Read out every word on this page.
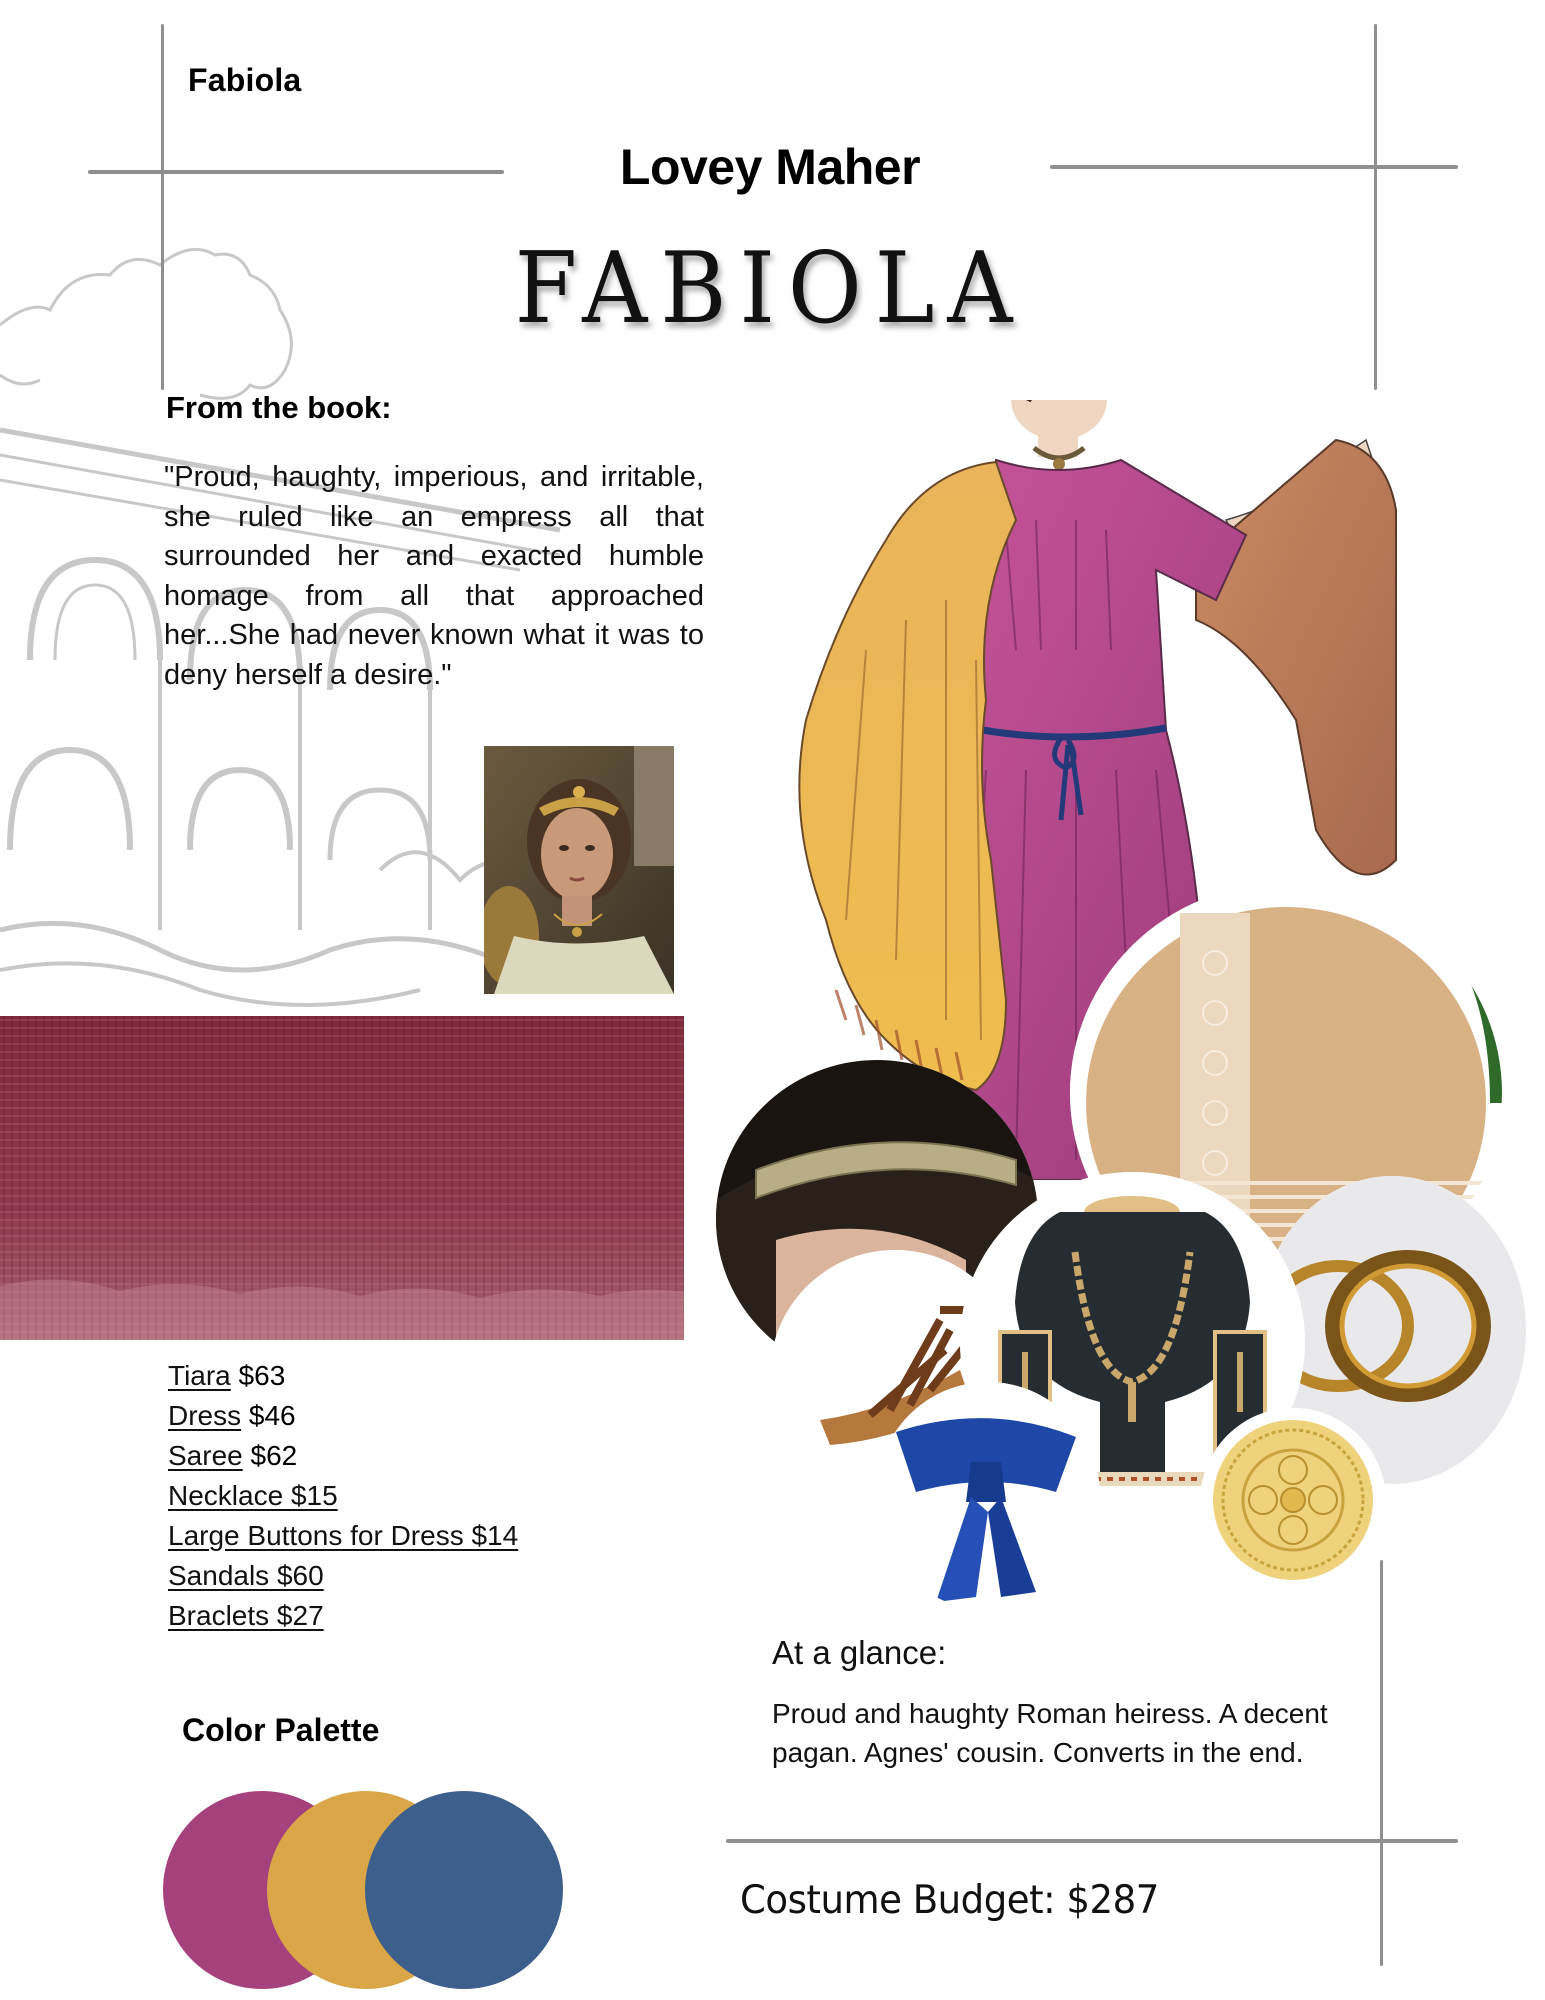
Fabiola
Lovey Maher
FABIOLA
From the book:
"Proud, haughty, imperious, and irritable, she ruled like an empress all that surrounded her and exacted humble homage from all that approached her...She had never known what it was to deny herself a desire."
Tiara $63
Dress $46
Saree $62
Necklace $15
Large Buttons for Dress $14
Sandals $60
Braclets $27
Color Palette
At a glance:
Proud and haughty Roman heiress. A decent pagan. Agnes' cousin. Converts in the end.
Costume Budget: $287
